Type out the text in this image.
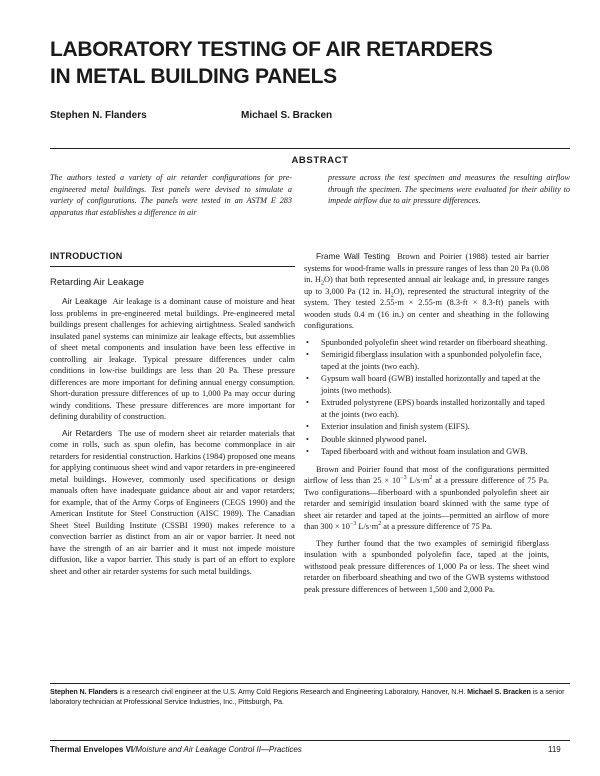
LABORATORY TESTING OF AIR RETARDERS
IN METAL BUILDING PANELS
Stephen N. Flanders	Michael S. Bracken
ABSTRACT

The authors tested a variety of air retarder configurations for pre-engineered metal buildings. Test panels were devised to simulate a variety of configurations. The panels were tested in an ASTM E 283 apparatus that establishes a difference in air

pressure across the test specimen and measures the resulting airflow through the specimen. The specimens were evaluated for their ability to impede airflow due to air pressure differences.

INTRODUCTION
Retarding Air Leakage

Air Leakage Air leakage is a dominant cause of moisture and heat loss problems in pre-engineered metal buildings. Pre-engineered metal buildings present challenges for achieving airtightness. Sealed sandwich insulated panel systems can minimize air leakage effects, but assemblies of sheet metal components and insulation have been less effective in controlling air leakage. Typical pressure differences under calm conditions in low-rise buildings are less than 20 Pa. These pressure differences are more important for defining annual energy consumption. Short-duration pressure differences of up to 1,000 Pa may occur during windy conditions. These pressure differences are more important for defining durability of construction.

Air Retarders The use of modern sheet air retarder materials that come in rolls, such as spun olefin, has become commonplace in air retarders for residential construction. Harkins (1984) proposed one means for applying continuous sheet wind and vapor retarders in pre-engineered metal buildings. However, commonly used specifications or design manuals often have inadequate guidance about air and vapor retarders; for example, that of the Army Corps of Engineers (CEGS 1990) and the American Institute for Steel Construction (AISC 1989). The Canadian Sheet Steel Building Institute (CSSBI 1990) makes reference to a convection barrier as distinct from an air or vapor barrier. It need not have the strength of an air barrier and it must not impede moisture diffusion, like a vapor barrier. This study is part of an effort to explore sheet and other air retarder systems for such metal buildings.

Frame Wall Testing Brown and Poirier (1988) tested air barrier systems for wood-frame walls in pressure ranges of less than 20 Pa (0.08 in. $H_2O$) that both represented annual air leakage and, in pressure ranges up to 3,000 Pa (12 in. $H_2O$), represented the structural integrity of the system. They tested 2.55-m × 2.55-m (8.3-ft × 8.3-ft) panels with wooden studs 0.4 m (16 in.) on center and sheathing in the following configurations.

• Spunbonded polyolefin sheet wind retarder on fiberboard sheathing.
• Semirigid fiberglass insulation with a spunbonded polyolefin face, taped at the joints (two each).
• Gypsum wall board (GWB) installed horizontally and taped at the joints (two methods).
• Extruded polystyrene (EPS) boards installed horizontally and taped at the joints (two each).
• Exterior insulation and finish system (EIFS).
• Double skinned plywood panel.
• Taped fiberboard with and without foam insulation and GWB.

Brown and Poirier found that most of the configurations permitted airflow of less than $25 \times 10^{-3}$ $L/s\cdot m^2$ at a pressure difference of 75 Pa. Two configurations—fiberboard with a spunbonded polyolefin sheet air retarder and semirigid insulation board skinned with the same type of sheet air retarder and taped at the joints—permitted an airflow of more than $300 \times 10^{-3}$ $L/s\cdot m^2$ at a pressure difference of 75 Pa.

They further found that the two examples of semirigid fiberglass insulation with a spunbonded polyolefin face, taped at the joints, withstood peak pressure differences of 1,000 Pa or less. The sheet wind retarder on fiberboard sheathing and two of the GWB systems withstood peak pressure differences of between 1,500 and 2,000 Pa.

Stephen N. Flanders is a research civil engineer at the U.S. Army Cold Regions Research and Engineering Laboratory, Hanover, N.H. Michael S. Bracken is a senior laboratory technician at Professional Service Industries, Inc., Pittsburgh, Pa.

Thermal Envelopes VI/Moisture and Air Leakage Control II—Practices	119
